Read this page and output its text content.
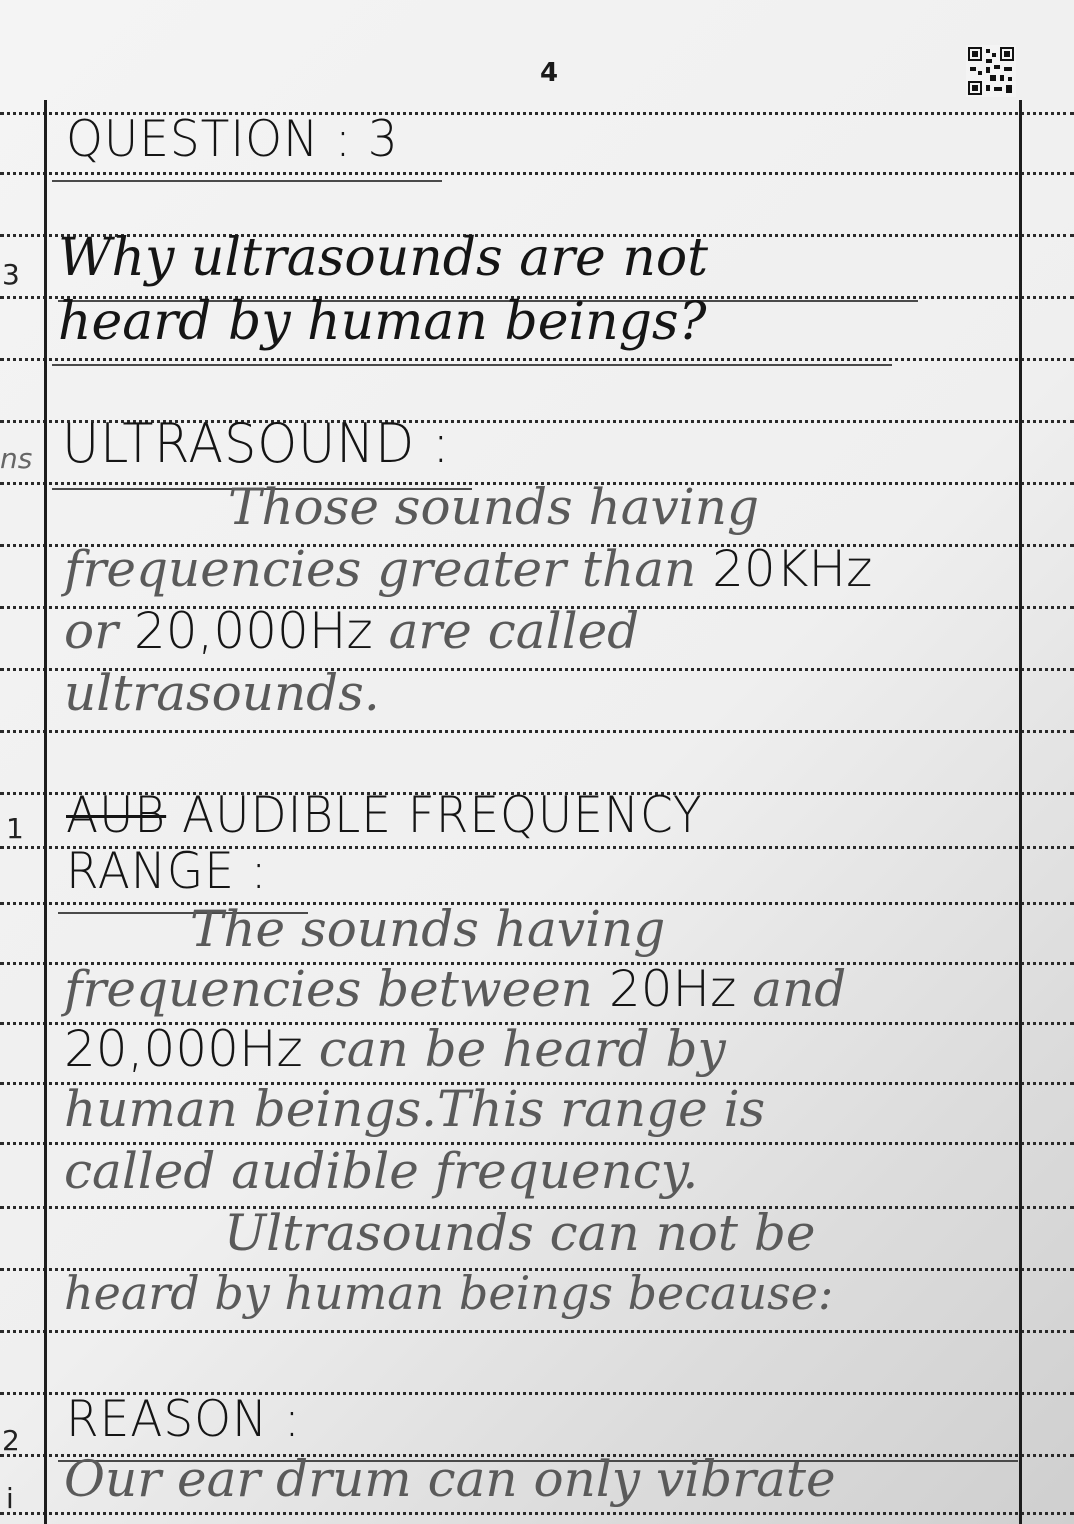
4
3
ns
1
2
i
QUESTION : 3
Why ultrasounds are not
heard by human beings?
ULTRASOUND :
Those sounds having
frequencies greater than 20KHz
or 20,000Hz are called
ultrasounds.
AUB AUDIBLE FREQUENCY
RANGE :
The sounds having
frequencies between 20Hz and
20,000Hz can be heard by
human beings.This range is
called audible frequency.
Ultrasounds can not be
heard by human beings because:
REASON :
Our ear drum can only vibrate
